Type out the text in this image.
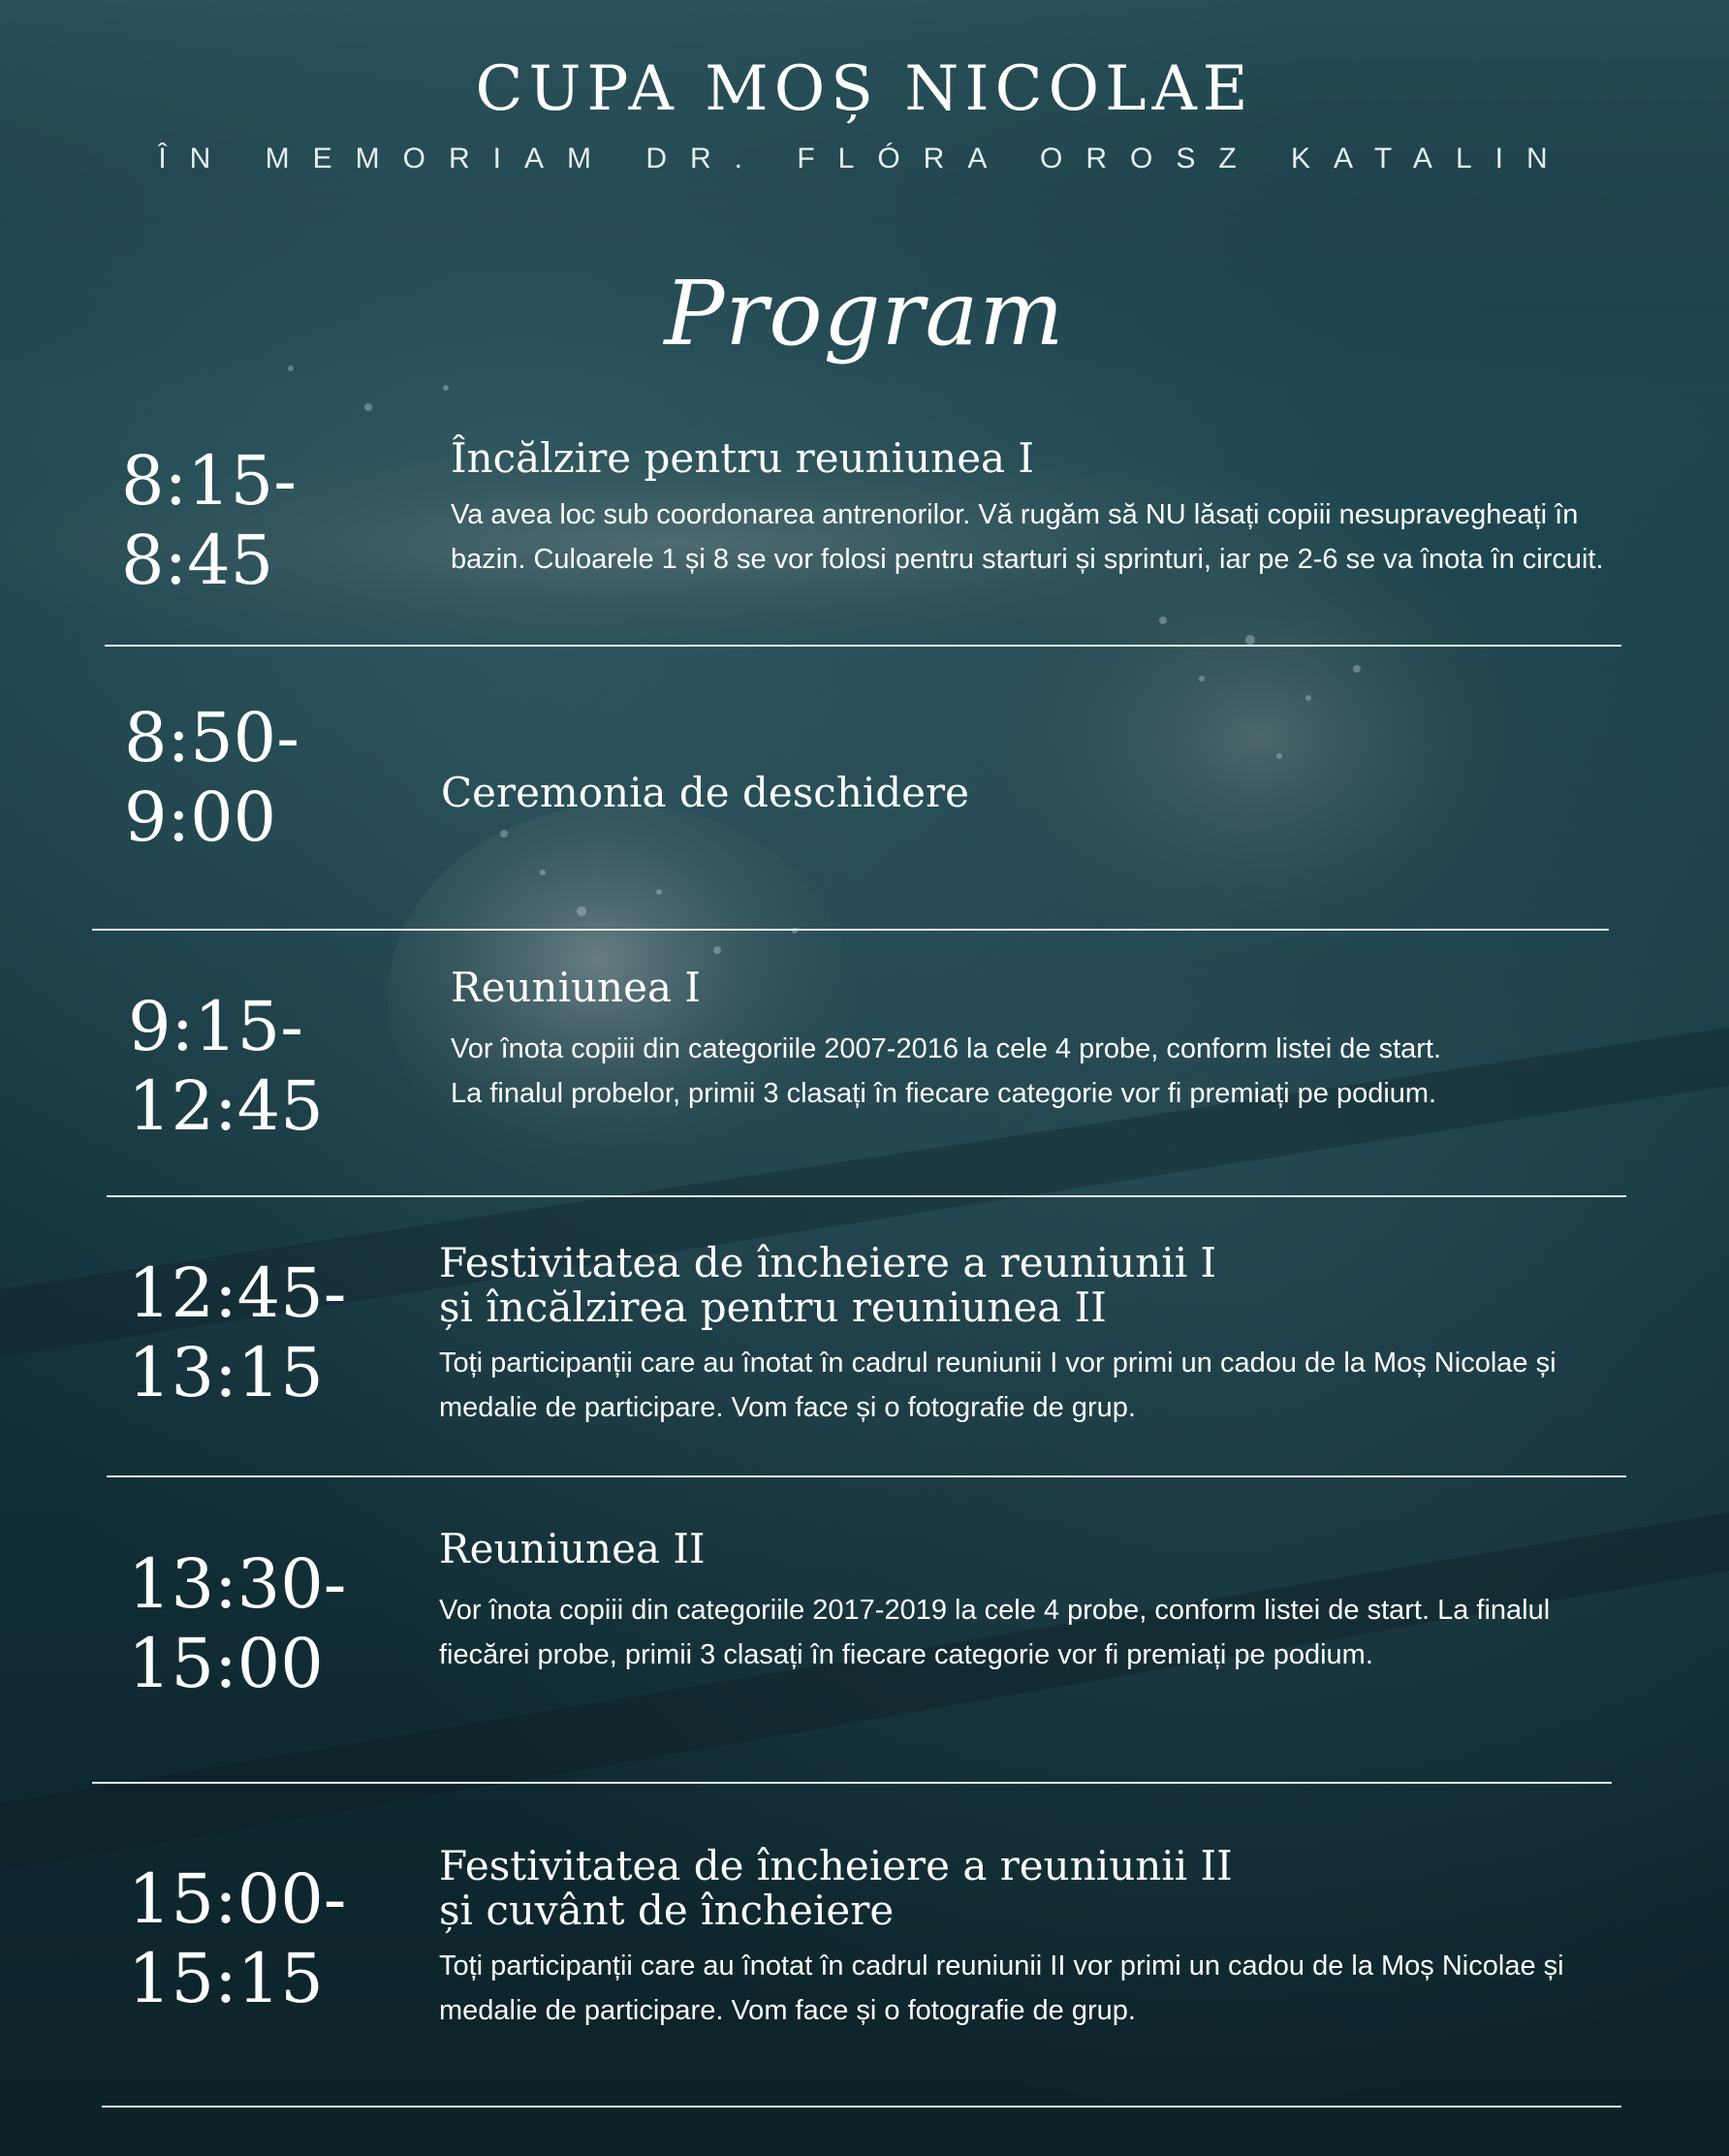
CUPA MOȘ NICOLAE
ÎN MEMORIAM DR. FLÓRA OROSZ KATALIN
Program
8:15-
8:45
Încălzire pentru reuniunea I
Va avea loc sub coordonarea antrenorilor. Vă rugăm să NU lăsați copiii nesupravegheați în bazin. Culoarele 1 și 8 se vor folosi pentru starturi și sprinturi, iar pe 2-6 se va înota în circuit.
8:50-
9:00	Ceremonia de deschidere
9:15-
12:45
Reuniunea I
Vor înota copiii din categoriile 2007-2016 la cele 4 probe, conform listei de start. La finalul probelor, primii 3 clasați în fiecare categorie vor fi premiați pe podium.
12:45-
13:15
Festivitatea de încheiere a reuniunii I
și încălzirea pentru reuniunea II
Toți participanții care au înotat în cadrul reuniunii I vor primi un cadou de la Moș Nicolae și medalie de participare. Vom face și o fotografie de grup.
13:30-
15:00
Reuniunea II
Vor înota copiii din categoriile 2017-2019 la cele 4 probe, conform listei de start. La finalul fiecărei probe, primii 3 clasați în fiecare categorie vor fi premiați pe podium.
15:00-
15:15
Festivitatea de încheiere a reuniunii II
și cuvânt de încheiere
Toți participanții care au înotat în cadrul reuniunii II vor primi un cadou de la Moș Nicolae și medalie de participare. Vom face și o fotografie de grup.
